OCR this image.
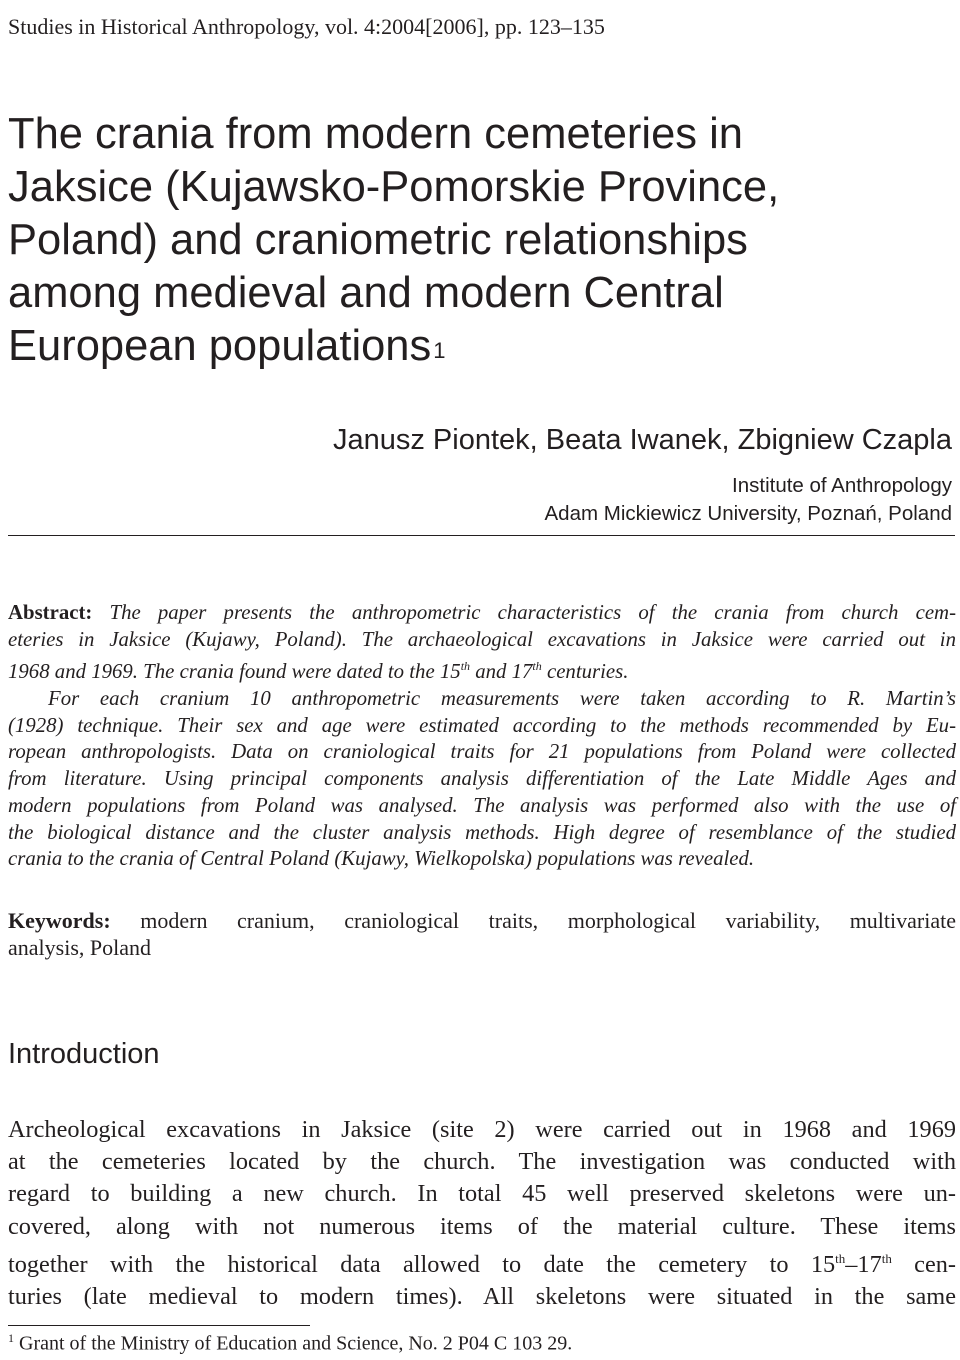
Studies in Historical Anthropology, vol. 4:2004[2006], pp. 123–135
The crania from modern cemeteries in
Jaksice (Kujawsko-Pomorskie Province,
Poland) and craniometric relationships
among medieval and modern Central
European populations$^1$
Janusz Piontek, Beata Iwanek, Zbigniew Czapla
Institute of Anthropology
Adam Mickiewicz University, Poznań, Poland
Abstract: The paper presents the anthropometric characteristics of the crania from church cem-
eteries in Jaksice (Kujawy, Poland). The archaeological excavations in Jaksice were carried out in
1968 and 1969. The crania found were dated to the 15th and 17th centuries.
For each cranium 10 anthropometric measurements were taken according to R. Martin’s
(1928) technique. Their sex and age were estimated according to the methods recommended by Eu-
ropean anthropologists. Data on craniological traits for 21 populations from Poland were collected
from literature. Using principal components analysis differentiation of the Late Middle Ages and
modern populations from Poland was analysed. The analysis was performed also with the use of
the biological distance and the cluster analysis methods. High degree of resemblance of the studied
crania to the crania of Central Poland (Kujawy, Wielkopolska) populations was revealed.
Keywords: modern cranium, craniological traits, morphological variability, multivariate
analysis, Poland
Introduction
Archeological excavations in Jaksice (site 2) were carried out in 1968 and 1969
at the cemeteries located by the church. The investigation was conducted with
regard to building a new church. In total 45 well preserved skeletons were un-
covered, along with not numerous items of the material culture. These items
together with the historical data allowed to date the cemetery to 15th–17th cen-
turies (late medieval to modern times). All skeletons were situated in the same
$^1$ Grant of the Ministry of Education and Science, No. 2 P04 C 103 29.
